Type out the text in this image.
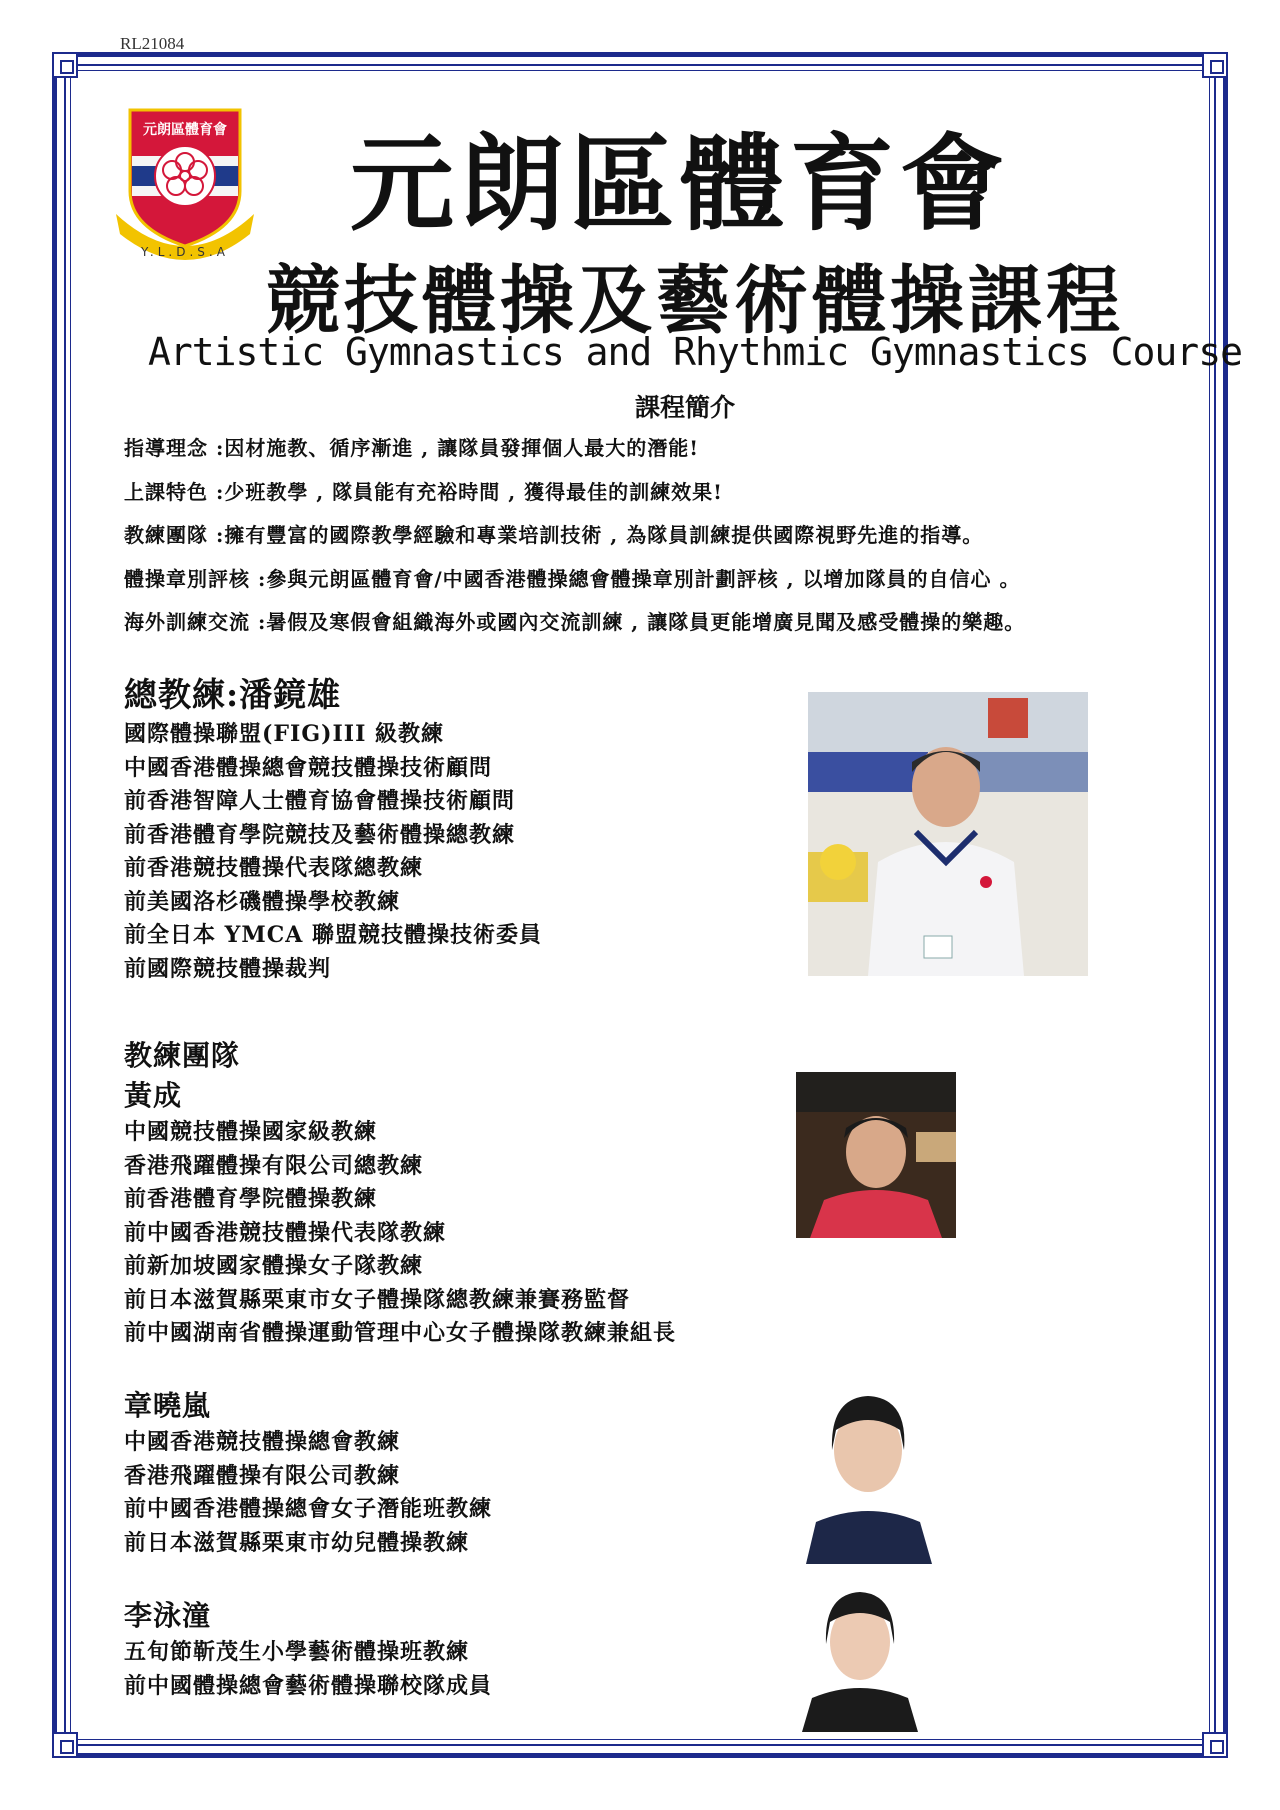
RL21084
元朗區體育會
Y.L.D.S.A
元朗區體育會
競技體操及藝術體操課程
Artistic Gymnastics and Rhythmic Gymnastics Course
課程簡介
指導理念 :因材施教、循序漸進 , 讓隊員發揮個人最大的潛能!
上課特色 :少班教學 , 隊員能有充裕時間 , 獲得最佳的訓練效果!
教練團隊 :擁有豐富的國際教學經驗和專業培訓技術 , 為隊員訓練提供國際視野先進的指導。
體操章別評核 :參與元朗區體育會/中國香港體操總會體操章別計劃評核 , 以增加隊員的自信心 。
海外訓練交流 :暑假及寒假會組織海外或國內交流訓練 , 讓隊員更能增廣見聞及感受體操的樂趣。
總教練:潘鏡雄
國際體操聯盟(FIG)III 級教練
中國香港體操總會競技體操技術顧問
前香港智障人士體育協會體操技術顧問
前香港體育學院競技及藝術體操總教練
前香港競技體操代表隊總教練
前美國洛杉磯體操學校教練
前全日本 YMCA 聯盟競技體操技術委員
前國際競技體操裁判
教練團隊
黃成
中國競技體操國家級教練
香港飛躍體操有限公司總教練
前香港體育學院體操教練
前中國香港競技體操代表隊教練
前新加坡國家體操女子隊教練
前日本滋賀縣栗東市女子體操隊總教練兼賽務監督
前中國湖南省體操運動管理中心女子體操隊教練兼組長
章曉嵐
中國香港競技體操總會教練
香港飛躍體操有限公司教練
前中國香港體操總會女子潛能班教練
前日本滋賀縣栗東市幼兒體操教練
李泳潼
五旬節靳茂生小學藝術體操班教練
前中國體操總會藝術體操聯校隊成員
